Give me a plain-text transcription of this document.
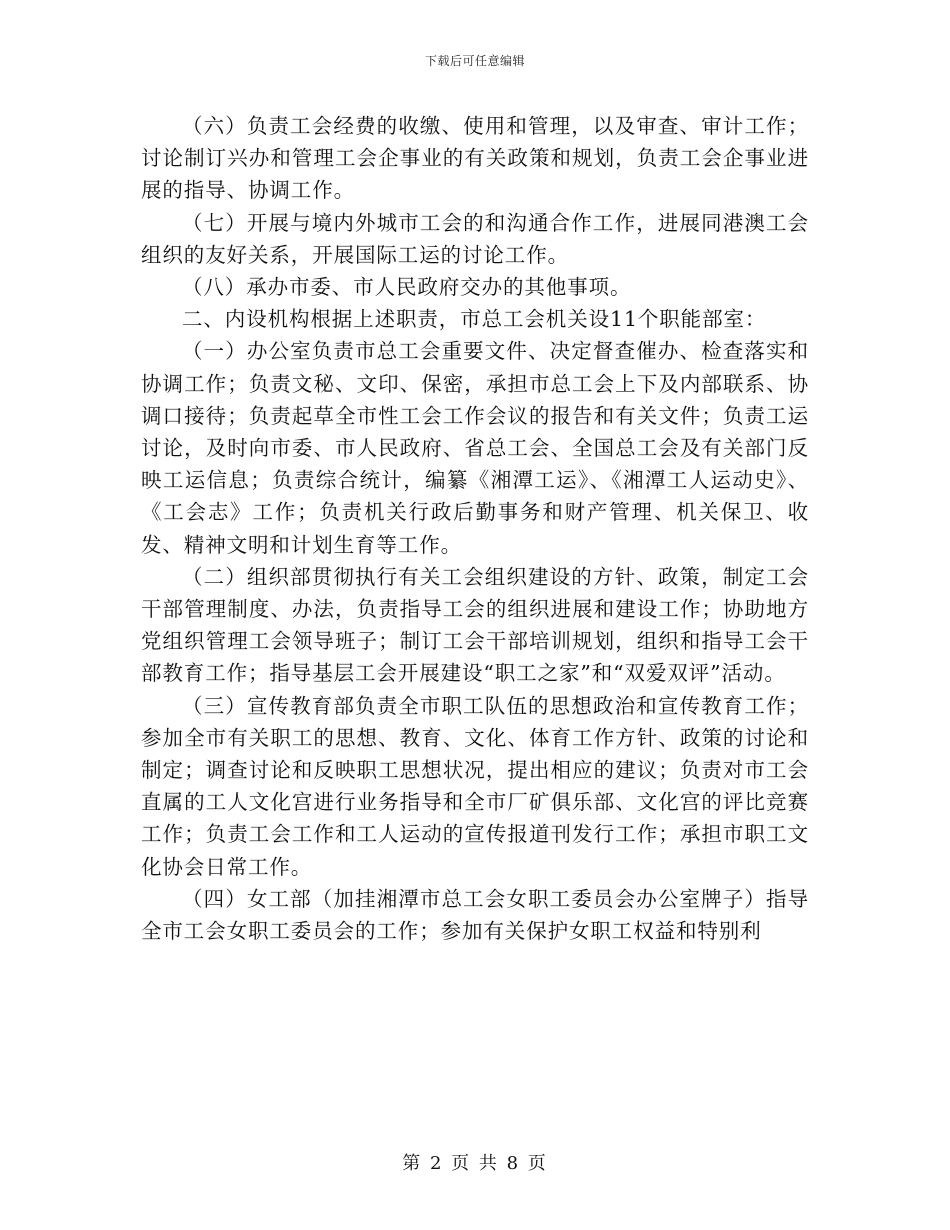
下载后可任意编辑

（六）负责工会经费的收缴、使用和管理，以及审查、审计工作；讨论制订兴办和管理工会企事业的有关政策和规划，负责工会企事业进展的指导、协调工作。

（七）开展与境内外城市工会的和沟通合作工作，进展同港澳工会组织的友好关系，开展国际工运的讨论工作。

（八）承办市委、市人民政府交办的其他事项。

二、内设机构根据上述职责，市总工会机关设11个职能部室：

（一）办公室负责市总工会重要文件、决定督查催办、检查落实和协调工作；负责文秘、文印、保密，承担市总工会上下及内部联系、协调口接待；负责起草全市性工会工作会议的报告和有关文件；负责工运讨论，及时向市委、市人民政府、省总工会、全国总工会及有关部门反映工运信息；负责综合统计，编纂《湘潭工运》、《湘潭工人运动史》、《工会志》工作；负责机关行政后勤事务和财产管理、机关保卫、收发、精神文明和计划生育等工作。

（二）组织部贯彻执行有关工会组织建设的方针、政策，制定工会干部管理制度、办法，负责指导工会的组织进展和建设工作；协助地方党组织管理工会领导班子；制订工会干部培训规划，组织和指导工会干部教育工作；指导基层工会开展建设“职工之家”和“双爱双评”活动。

（三）宣传教育部负责全市职工队伍的思想政治和宣传教育工作；参加全市有关职工的思想、教育、文化、体育工作方针、政策的讨论和制定；调查讨论和反映职工思想状况，提出相应的建议；负责对市工会直属的工人文化宫进行业务指导和全市厂矿俱乐部、文化宫的评比竞赛工作；负责工会工作和工人运动的宣传报道刊发行工作；承担市职工文化协会日常工作。

（四）女工部（加挂湘潭市总工会女职工委员会办公室牌子）指导全市工会女职工委员会的工作；参加有关保护女职工权益和特别利

第 2 页 共 8 页
